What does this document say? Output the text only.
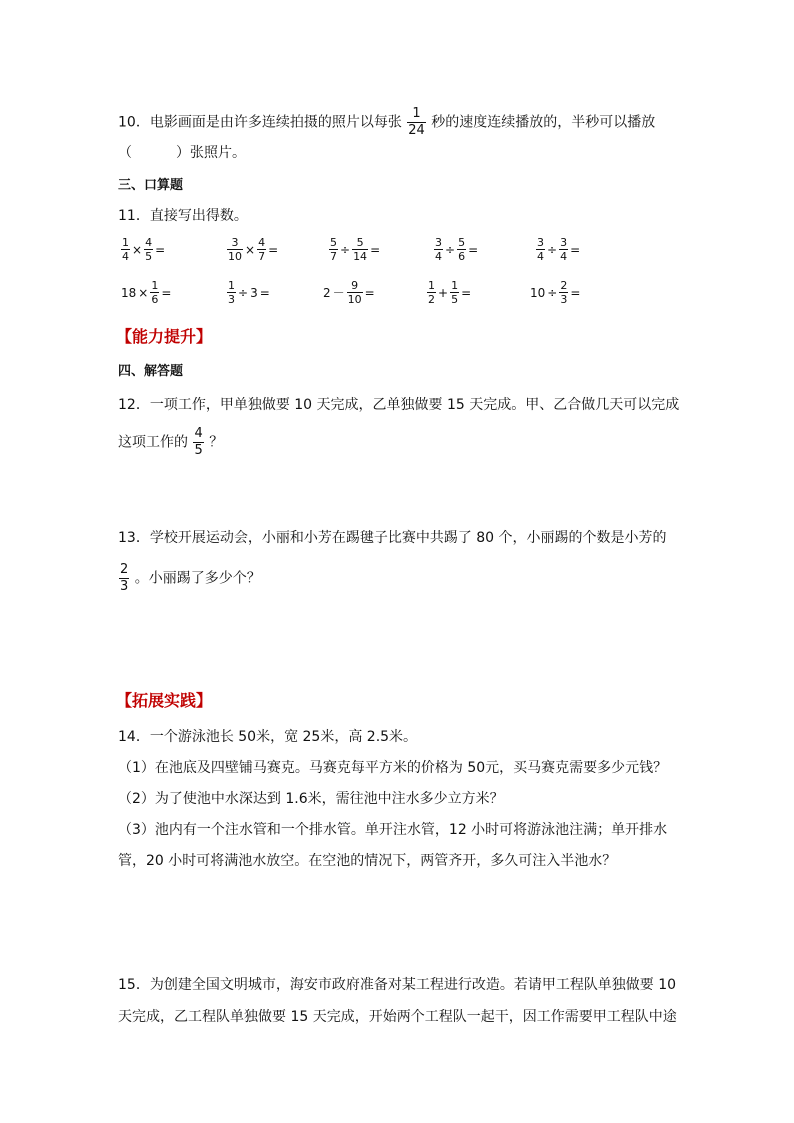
10．电影画面是由许多连续拍摄的照片以每张 $\frac{1}{24}$ 秒的速度连续播放的，半秒可以播放
（	）张照片。
三、口算题
11．直接写出得数。
$\frac{1}{4} \times \frac{4}{5}$ =	$\frac{3}{10} \times \frac{4}{7}$ =	$\frac{5}{7} \div \frac{5}{14}$ =	$\frac{3}{4} \div \frac{5}{6}$ =	$\frac{3}{4} \div \frac{3}{4}$ =
$18 \times \frac{1}{6}$ =	$\frac{1}{3} \div 3$ =	$2 - \frac{9}{10}$ =	$\frac{1}{2} + \frac{1}{5}$ =	$10 \div \frac{2}{3}$ =
【能力提升】
四、解答题
12．一项工作，甲单独做要 10 天完成，乙单独做要 15 天完成。甲、乙合做几天可以完成
这项工作的 $\frac{4}{5}$ ？
13．学校开展运动会，小丽和小芳在踢毽子比赛中共踢了 80 个，小丽踢的个数是小芳的
$\frac{2}{3}$ 。小丽踢了多少个？
【拓展实践】
14．一个游泳池长 50米，宽 25米，高 2.5米。
（1）在池底及四壁铺马赛克。马赛克每平方米的价格为 50元，买马赛克需要多少元钱？
（2）为了使池中水深达到 1.6米，需往池中注水多少立方米？
（3）池内有一个注水管和一个排水管。单开注水管，12 小时可将游泳池注满；单开排水
管，20 小时可将满池水放空。在空池的情况下，两管齐开，多久可注入半池水？
15．为创建全国文明城市，海安市政府准备对某工程进行改造。若请甲工程队单独做要 10
天完成，乙工程队单独做要 15 天完成，开始两个工程队一起干，因工作需要甲工程队中途
